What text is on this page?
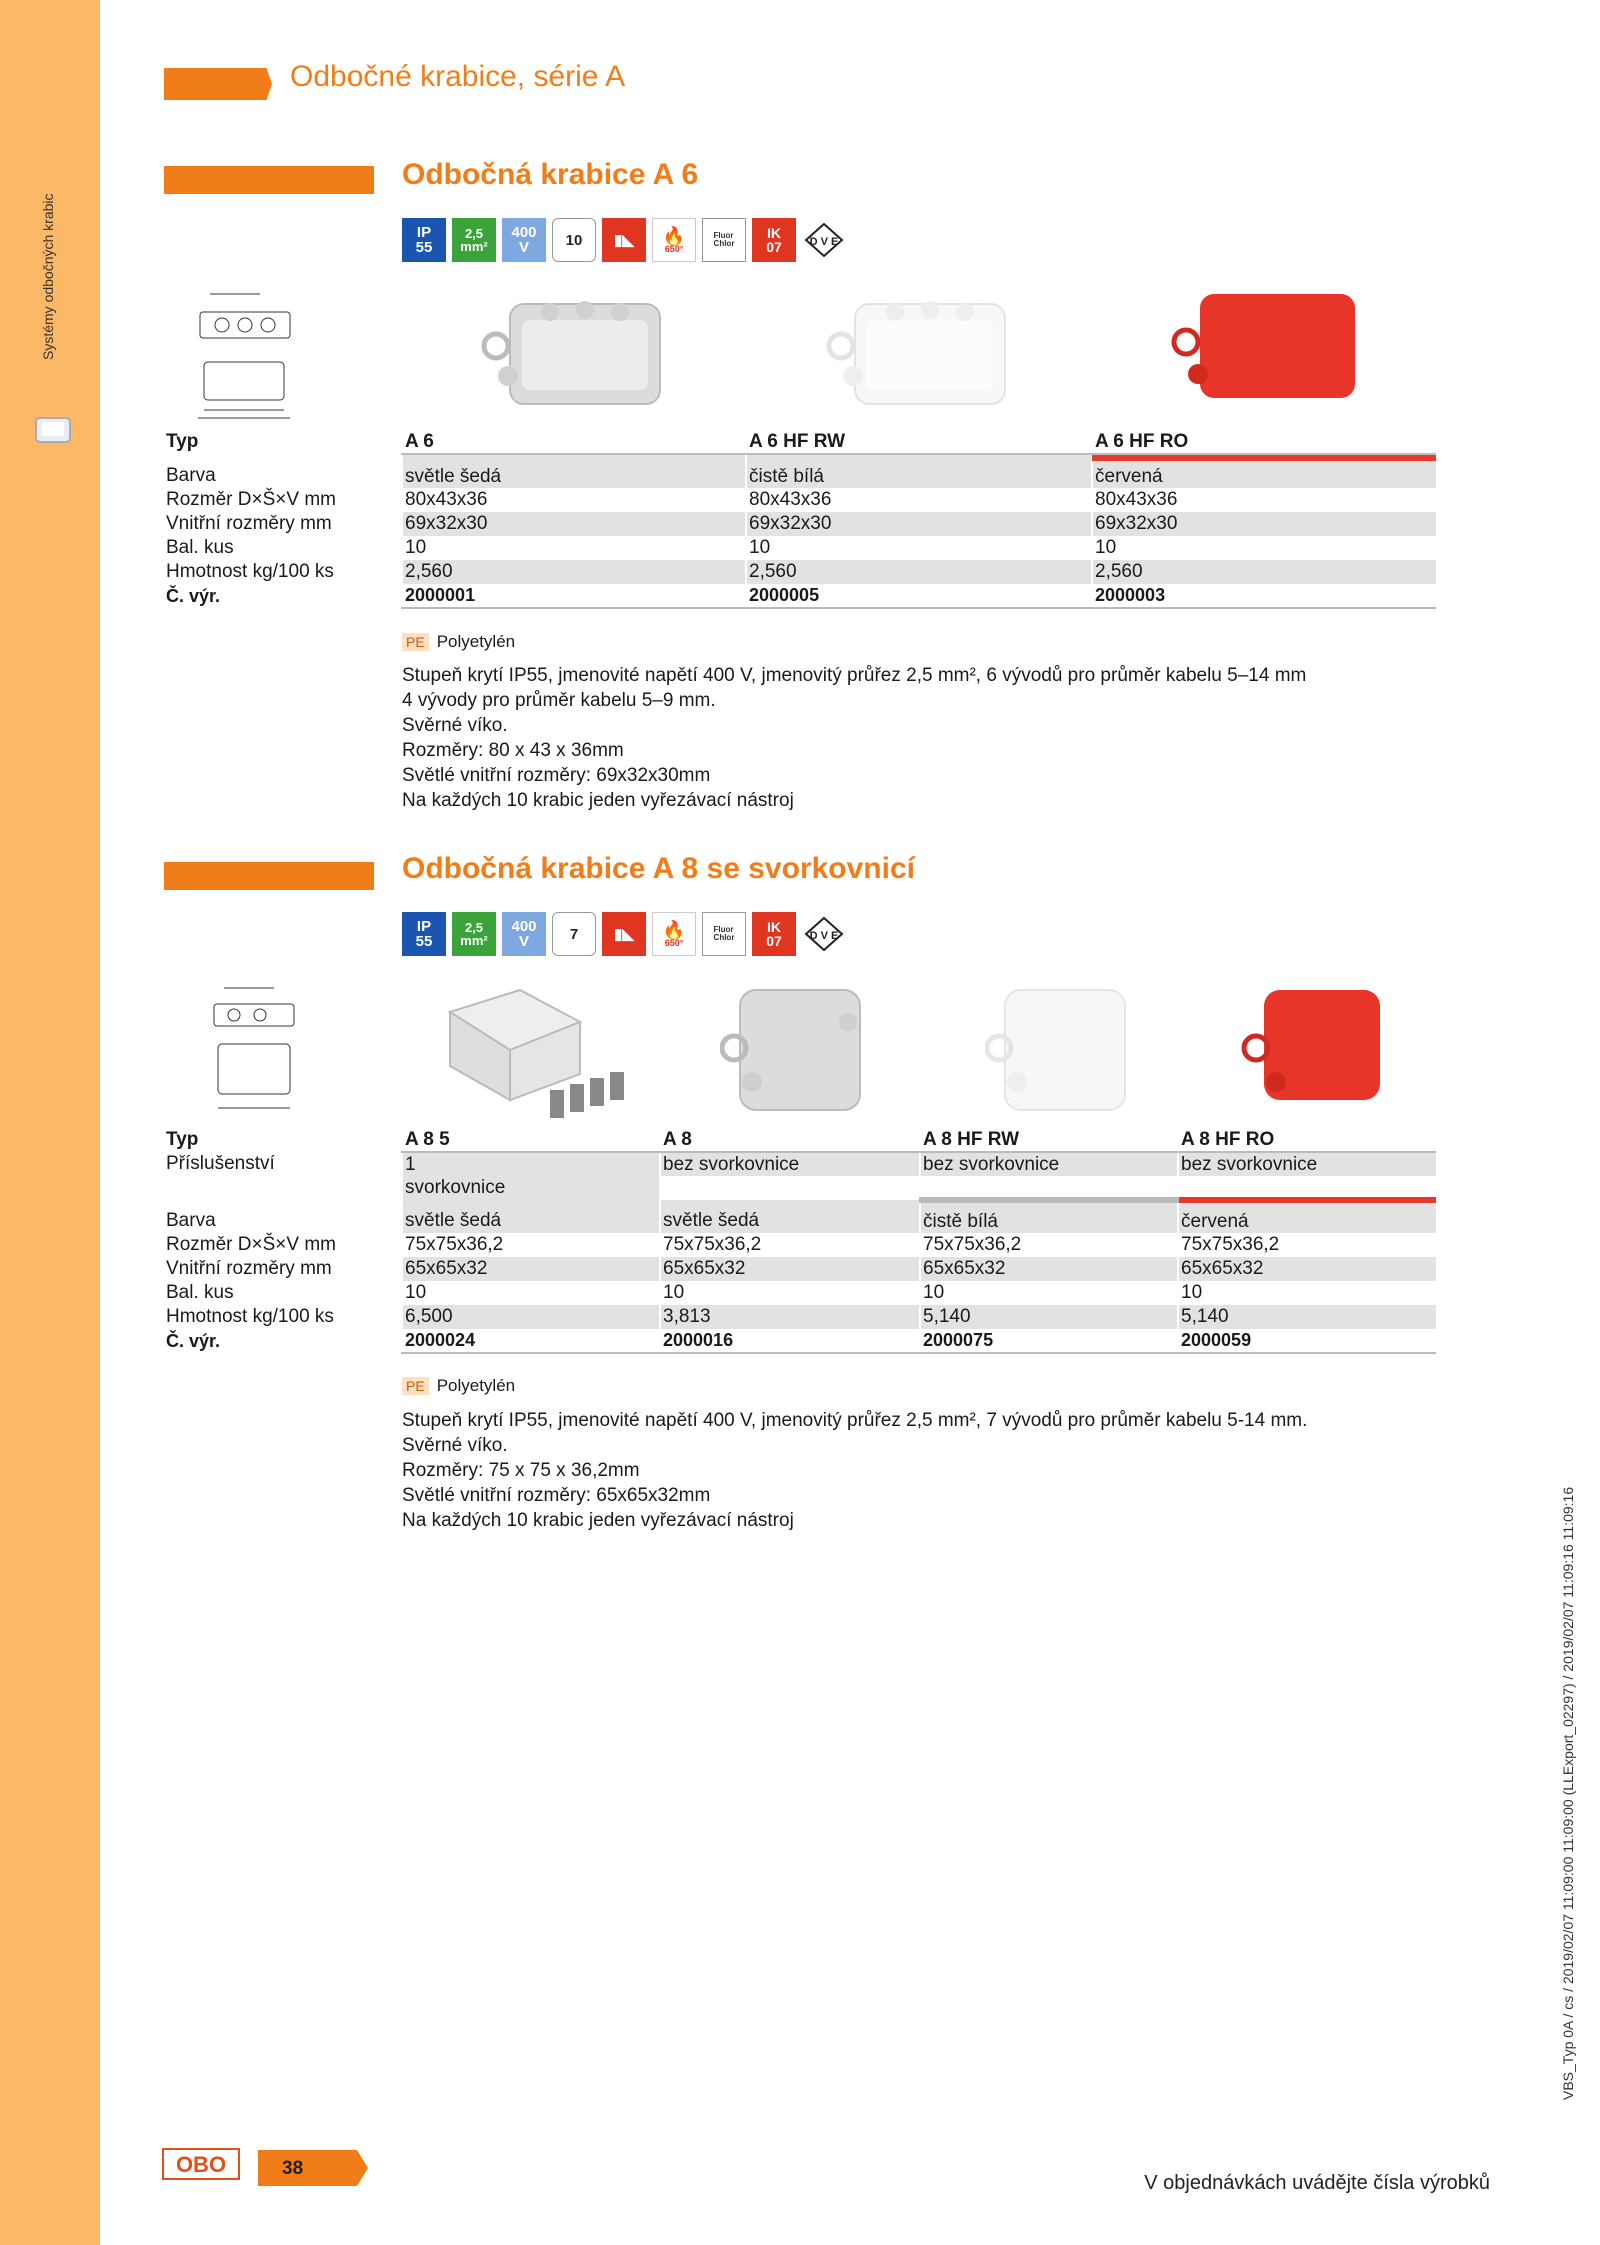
Systémy odbočných krabic
Odbočné krabice, série A
Odbočná krabice A 6
IP
55
2,5
mm²
400
V 10	▮◣	🔥
650°
Fluor
Chlor
IK
07	D V E
Typ	A 6	A 6 HF RW	A 6 HF RO
Barva	světle šedá	čistě bílá	červená
Rozměr D×Š×V mm	80x43x36	80x43x36	80x43x36
Vnitřní rozměry mm	69x32x30	69x32x30	69x32x30
Bal. kus	10	10	10
Hmotnost kg/100 ks	2,560	2,560	2,560
Č. výr.	2000001	2000005	2000003
PE Polyetylén
Stupeň krytí IP55, jmenovité napětí 400 V, jmenovitý průřez 2,5 mm², 6 vývodů pro průměr kabelu 5–14 mm
4 vývody pro průměr kabelu 5–9 mm.
Svěrné víko.
Rozměry: 80 x 43 x 36mm
Světlé vnitřní rozměry: 69x32x30mm
Na každých 10 krabic jeden vyřezávací nástroj
Odbočná krabice A 8 se svorkovnicí
IP
55
2,5
mm²
400
V	7	▮◣	🔥
650°
Fluor
Chlor
IK
07	D V E
Typ	A 8 5	A 8	A 8 HF RW	A 8 HF RO
Příslušenství	1	bez svorkovnice	bez svorkovnice	bez svorkovnice
	svorkovnice			
Barva	světle šedá	světle šedá	čistě bílá	červená
Rozměr D×Š×V mm	75x75x36,2	75x75x36,2	75x75x36,2	75x75x36,2
Vnitřní rozměry mm	65x65x32	65x65x32	65x65x32	65x65x32
Bal. kus	10	10	10	10
Hmotnost kg/100 ks	6,500	3,813	5,140	5,140
Č. výr.	2000024	2000016	2000075	2000059
PE Polyetylén
Stupeň krytí IP55, jmenovité napětí 400 V, jmenovitý průřez 2,5 mm², 7 vývodů pro průměr kabelu 5-14 mm.
Svěrné víko.
Rozměry: 75 x 75 x 36,2mm
Světlé vnitřní rozměry: 65x65x32mm
Na každých 10 krabic jeden vyřezávací nástroj
OBO	38
V objednávkách uvádějte čísla výrobků
VBS_Typ 0A / cs / 2019/02/07 11:09:00 11:09:00 (LLExport_02297) / 2019/02/07 11:09:16 11:09:16
